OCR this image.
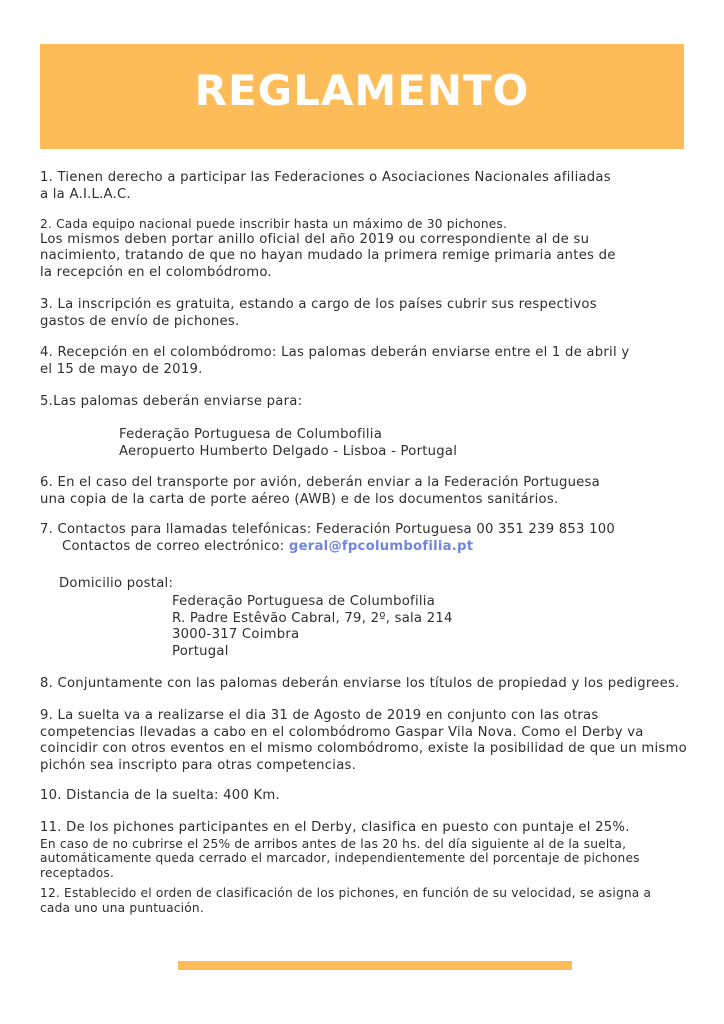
REGLAMENTO
1. Tienen derecho a participar las Federaciones o Asociaciones Nacionales afiliadas
a la A.I.L.A.C.
2. Cada equipo nacional puede inscribir hasta un máximo de 30 pichones.
Los mismos deben portar anillo oficial del año 2019 ou correspondiente al de su
nacimiento, tratando de que no hayan mudado la primera remige primaria antes de
la recepción en el colombódromo.
3. La inscripción es gratuita, estando a cargo de los países cubrir sus respectivos
gastos de envío de pichones.
4. Recepción en el colombódromo: Las palomas deberán enviarse entre el 1 de abril y
el 15 de mayo de 2019.
5.Las palomas deberán enviarse para:
Federação Portuguesa de Columbofilia
Aeropuerto Humberto Delgado - Lisboa - Portugal
6. En el caso del transporte por avión, deberán enviar a la Federación Portuguesa
una copia de la carta de porte aéreo (AWB) e de los documentos sanitários.
7. Contactos para llamadas telefónicas: Federación Portuguesa 00 351 239 853 100
Contactos de correo electrónico: geral@fpcolumbofilia.pt
Domicilio postal:
Federação Portuguesa de Columbofilia
R. Padre Estêvão Cabral, 79, 2º, sala 214
3000-317 Coimbra
Portugal
8. Conjuntamente con las palomas deberán enviarse los títulos de propiedad y los pedigrees.
9. La suelta va a realizarse el dia 31 de Agosto de 2019 en conjunto con las otras
competencias llevadas a cabo en el colombódromo Gaspar Vila Nova. Como el Derby va
coincidir con otros eventos en el mismo colombódromo, existe la posibilidad de que un mismo
pichón sea inscripto para otras competencias.
10. Distancia de la suelta: 400 Km.
11. De los pichones participantes en el Derby, clasifica en puesto con puntaje el 25%.
En caso de no cubrirse el 25% de arribos antes de las 20 hs. del día siguiente al de la suelta,
automáticamente queda cerrado el marcador, independientemente del porcentaje de pichones
receptados.
12. Establecido el orden de clasificación de los pichones, en función de su velocidad, se asigna a
cada uno una puntuación.
